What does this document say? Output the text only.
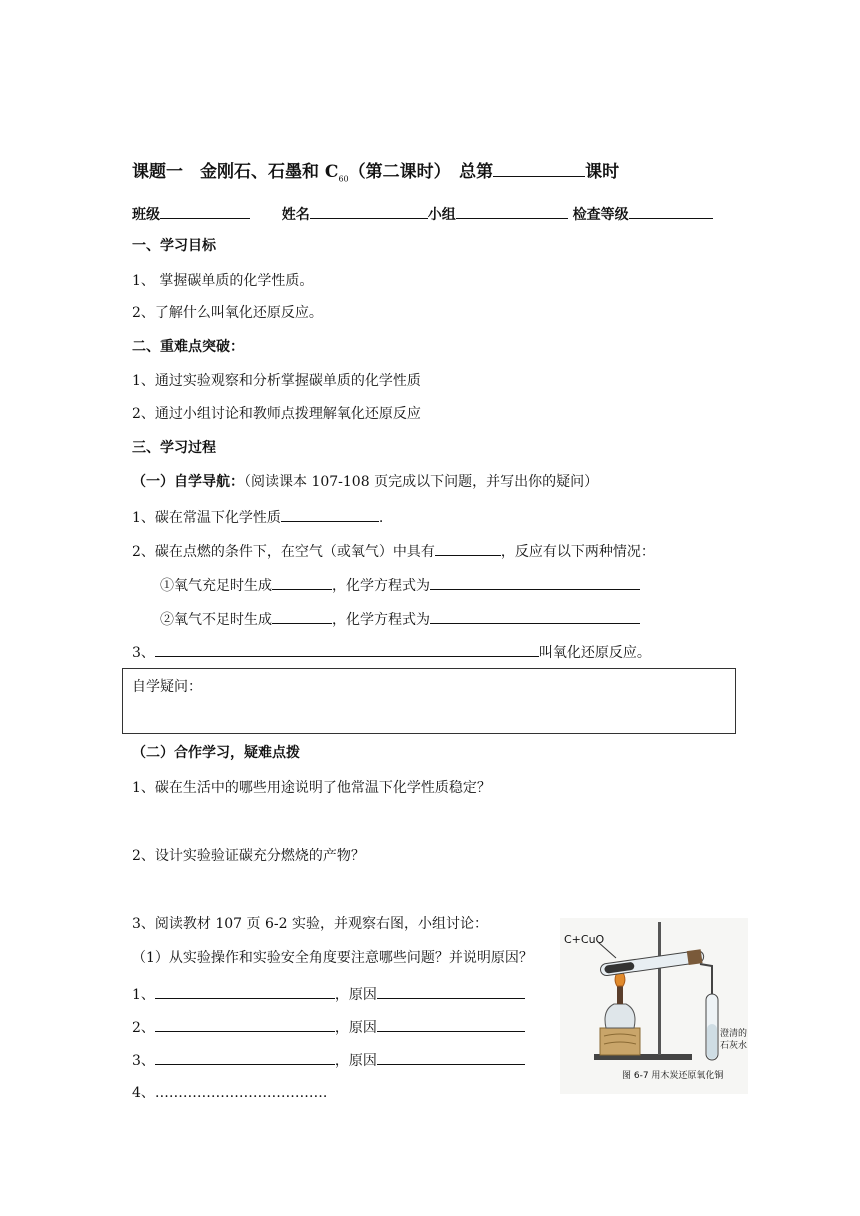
课题一　金刚石、石墨和 $C_{60}$（第二课时）　总第	课时
班级	姓名	小组	检查等级
一、学习目标
1、 掌握碳单质的化学性质。
2、了解什么叫氧化还原反应。
二、重难点突破：
1、通过实验观察和分析掌握碳单质的化学性质
2、通过小组讨论和教师点拨理解氧化还原反应
三、学习过程
（一）自学导航：（阅读课本 107-108 页完成以下问题，并写出你的疑问）
1、碳在常温下化学性质	.
2、碳在点燃的条件下，在空气（或氧气）中具有	，反应有以下两种情况：
①氧气充足时生成	，化学方程式为
②氧气不足时生成	，化学方程式为
3、	叫氧化还原反应。
自学疑问：
（二）合作学习，疑难点拨
1、碳在生活中的哪些用途说明了他常温下化学性质稳定？
2、设计实验验证碳充分燃烧的产物？
3、阅读教材 107 页 6-2 实验，并观察右图，小组讨论：
（1）从实验操作和实验安全角度要注意哪些问题？并说明原因？
1、	，原因
2、	，原因
3、	，原因
4、……………………………….
C+CuO
澄清的
石灰水
图 6-7 用木炭还原氧化铜
